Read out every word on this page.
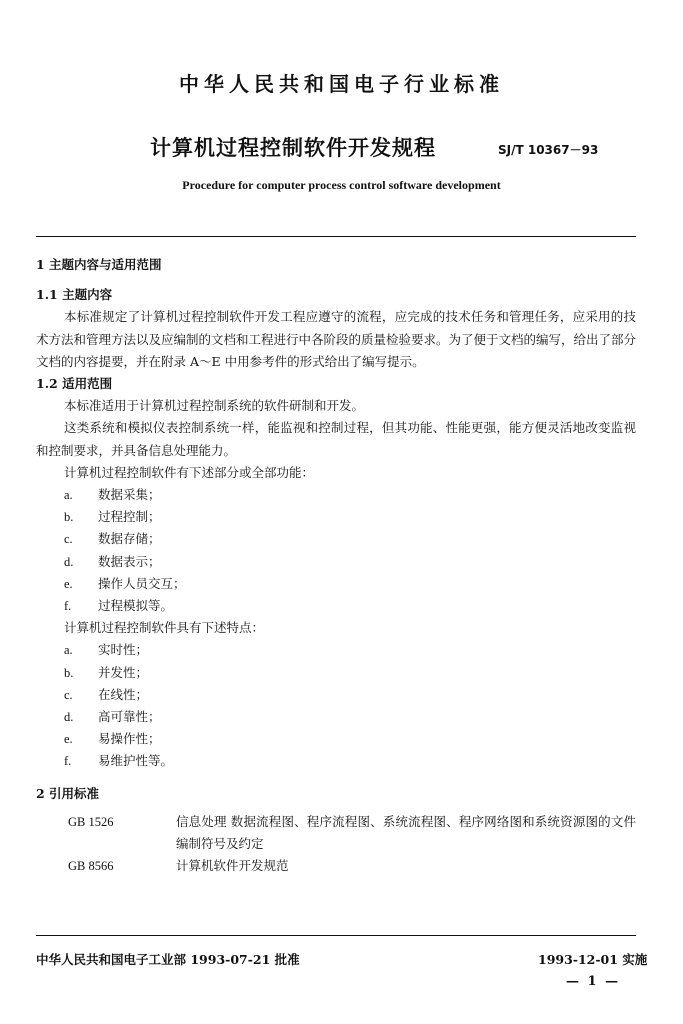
中华人民共和国电子行业标准
计算机过程控制软件开发规程	SJ/T 10367－93
Procedure for computer process control software development
1 主题内容与适用范围
1.1 主题内容
本标准规定了计算机过程控制软件开发工程应遵守的流程，应完成的技术任务和管理任务，应采用的技术方法和管理方法以及应编制的文档和工程进行中各阶段的质量检验要求。为了便于文档的编写，给出了部分文档的内容提要，并在附录 A～E 中用参考件的形式给出了编写提示。
1.2 适用范围
本标准适用于计算机过程控制系统的软件研制和开发。
这类系统和模拟仪表控制系统一样，能监视和控制过程，但其功能、性能更强，能方便灵活地改变监视和控制要求，并具备信息处理能力。
计算机过程控制软件有下述部分或全部功能：
a. 数据采集；
b. 过程控制；
c. 数据存储；
d. 数据表示；
e. 操作人员交互；
f. 过程模拟等。
计算机过程控制软件具有下述特点：
a. 实时性；
b. 并发性；
c. 在线性；
d. 高可靠性；
e. 易操作性；
f. 易维护性等。
2 引用标准
GB 1526	信息处理 数据流程图、程序流程图、系统流程图、程序网络图和系统资源图的文件编制符号及约定
GB 8566	计算机软件开发规范
中华人民共和国电子工业部 1993-07-21 批准	1993-12-01 实施
— 1 —
